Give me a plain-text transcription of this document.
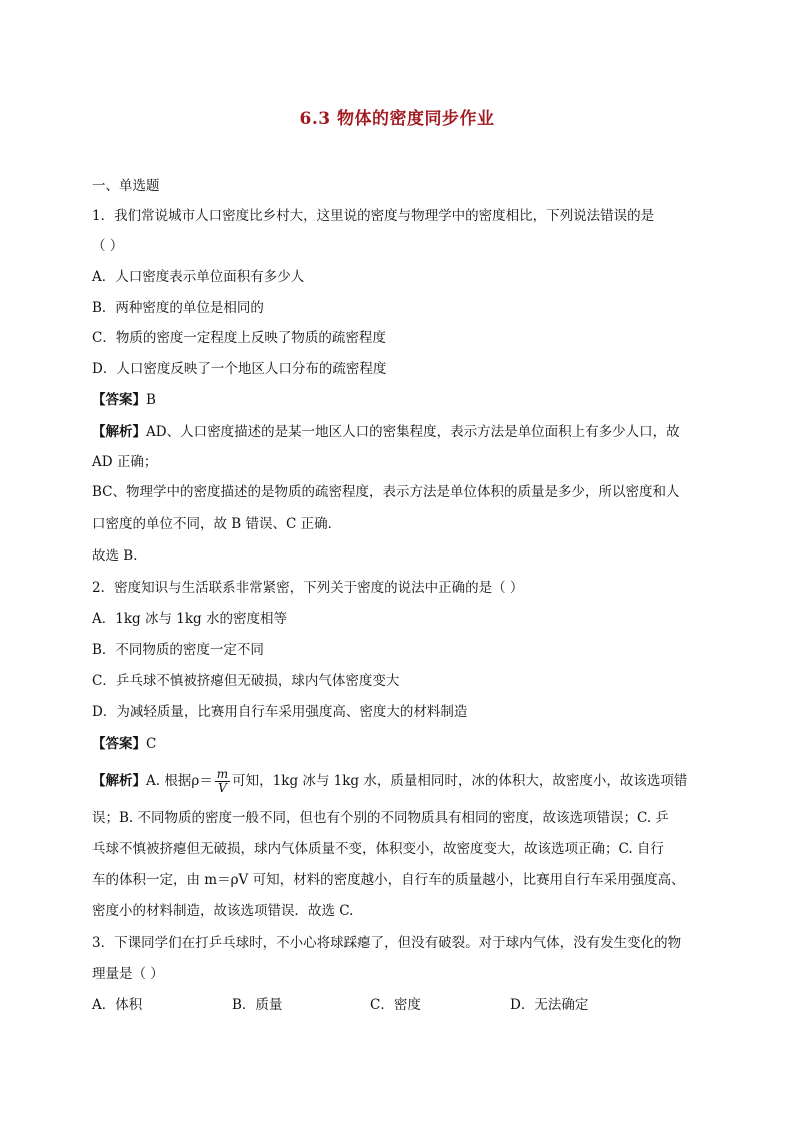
6.3 物体的密度同步作业
一、单选题
1．我们常说城市人口密度比乡村大，这里说的密度与物理学中的密度相比，下列说法错误的是
（ ）
A．人口密度表示单位面积有多少人
B．两种密度的单位是相同的
C．物质的密度一定程度上反映了物质的疏密程度
D．人口密度反映了一个地区人口分布的疏密程度
【答案】B
【解析】AD、人口密度描述的是某一地区人口的密集程度，表示方法是单位面积上有多少人口，故
AD 正确；
BC、物理学中的密度描述的是物质的疏密程度，表示方法是单位体积的质量是多少，所以密度和人
口密度的单位不同，故 B 错误、C 正确．
故选 B．
2．密度知识与生活联系非常紧密，下列关于密度的说法中正确的是（ ）
A．1kg 冰与 1kg 水的密度相等
B．不同物质的密度一定不同
C．乒乓球不慎被挤瘪但无破损，球内气体密度变大
D．为减轻质量，比赛用自行车采用强度高、密度大的材料制造
【答案】C
【解析】A. 根据$\rho= \frac{m}{V}$ 可知，1kg 冰与 1kg 水，质量相同时，冰的体积大，故密度小，故该选项错
误；B. 不同物质的密度一般不同，但也有个别的不同物质具有相同的密度，故该选项错误；C. 乒
乓球不慎被挤瘪但无破损，球内气体质量不变，体积变小，故密度变大，故该选项正确；C. 自行
车的体积一定，由 m＝ρV 可知，材料的密度越小，自行车的质量越小，比赛用自行车采用强度高、
密度小的材料制造，故该选项错误．故选 C.
3．下课同学们在打乒乓球时，不小心将球踩瘪了，但没有破裂。对于球内气体，没有发生变化的物
理量是（ ）
A．体积	B．质量	C．密度	D．无法确定
